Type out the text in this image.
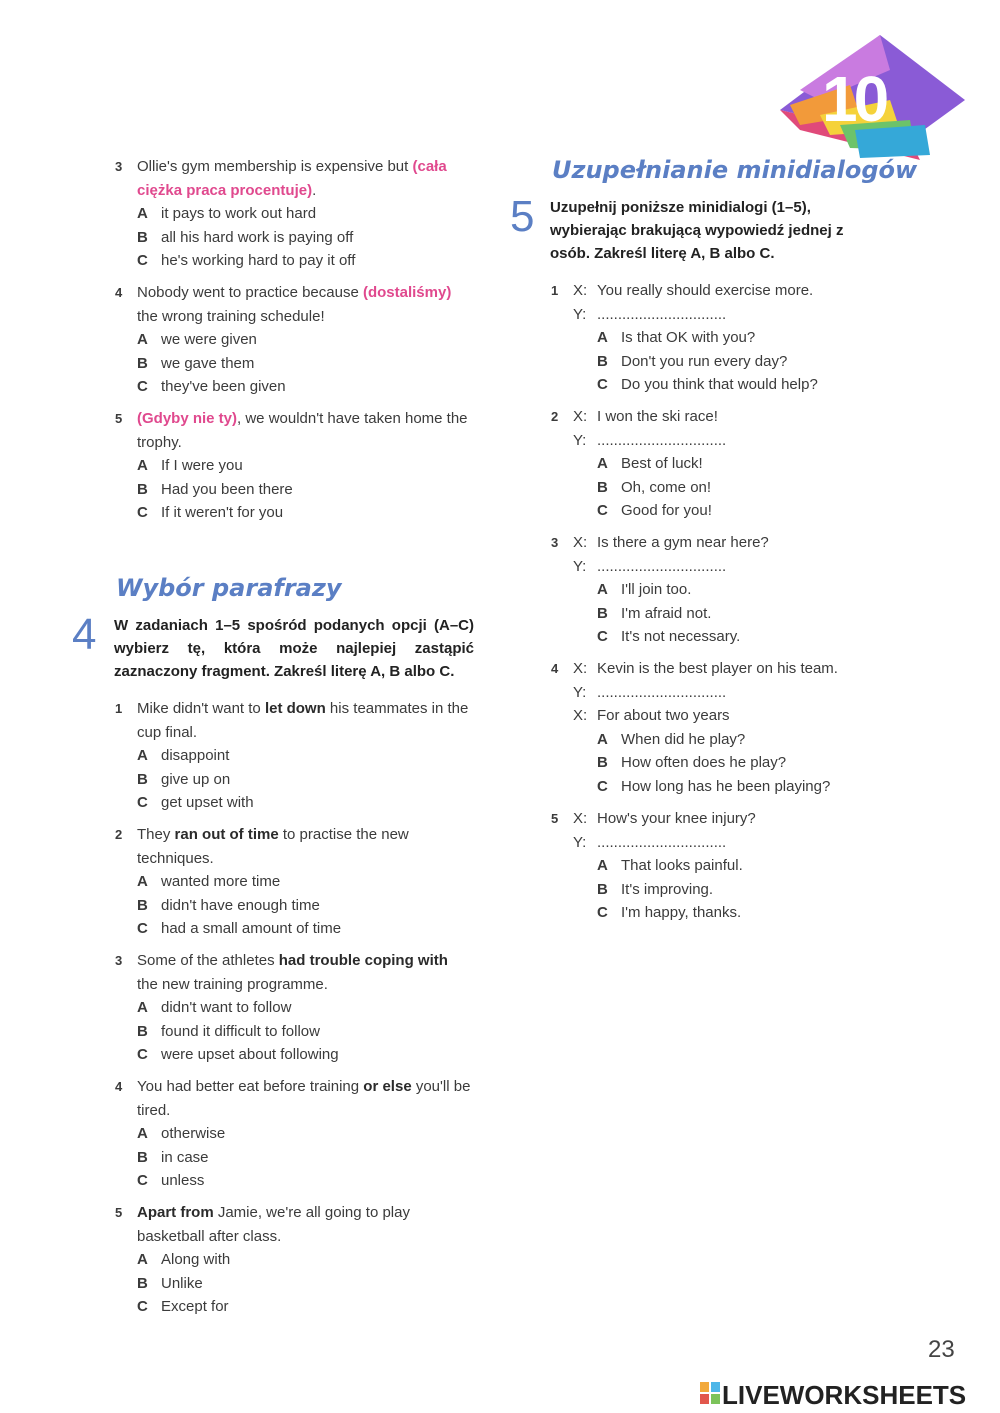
10
3 Ollie's gym membership is expensive but (cała ciężka praca procentuje).
A it pays to work out hard
B all his hard work is paying off
C he's working hard to pay it off
4 Nobody went to practice because (dostaliśmy) the wrong training schedule!
A we were given
B we gave them
C they've been given
5 (Gdyby nie ty), we wouldn't have taken home the trophy.
A If I were you
B Had you been there
C If it weren't for you
Wybór parafrazy
4 W zadaniach 1–5 spośród podanych opcji (A–C) wybierz tę, która może najlepiej zastąpić zaznaczony fragment. Zakreśl literę A, B albo C.
1 Mike didn't want to let down his teammates in the cup final.
A disappoint
B give up on
C get upset with
2 They ran out of time to practise the new techniques.
A wanted more time
B didn't have enough time
C had a small amount of time
3 Some of the athletes had trouble coping with the new training programme.
A didn't want to follow
B found it difficult to follow
C were upset about following
4 You had better eat before training or else you'll be tired.
A otherwise
B in case
C unless
5 Apart from Jamie, we're all going to play basketball after class.
A Along with
B Unlike
C Except for
Uzupełnianie minidialogów
5 Uzupełnij poniższe minidialogi (1–5), wybierając brakującą wypowiedź jednej z osób. Zakreśl literę A, B albo C.
1 X: You really should exercise more.
Y: ...............................
A Is that OK with you?
B Don't you run every day?
C Do you think that would help?
2 X: I won the ski race!
Y: ...............................
A Best of luck!
B Oh, come on!
C Good for you!
3 X: Is there a gym near here?
Y: ...............................
A I'll join too.
B I'm afraid not.
C It's not necessary.
4 X: Kevin is the best player on his team.
Y: ...............................
X: For about two years
A When did he play?
B How often does he play?
C How long has he been playing?
5 X: How's your knee injury?
Y: ...............................
A That looks painful.
B It's improving.
C I'm happy, thanks.
23
LIVEWORKSHEETS
